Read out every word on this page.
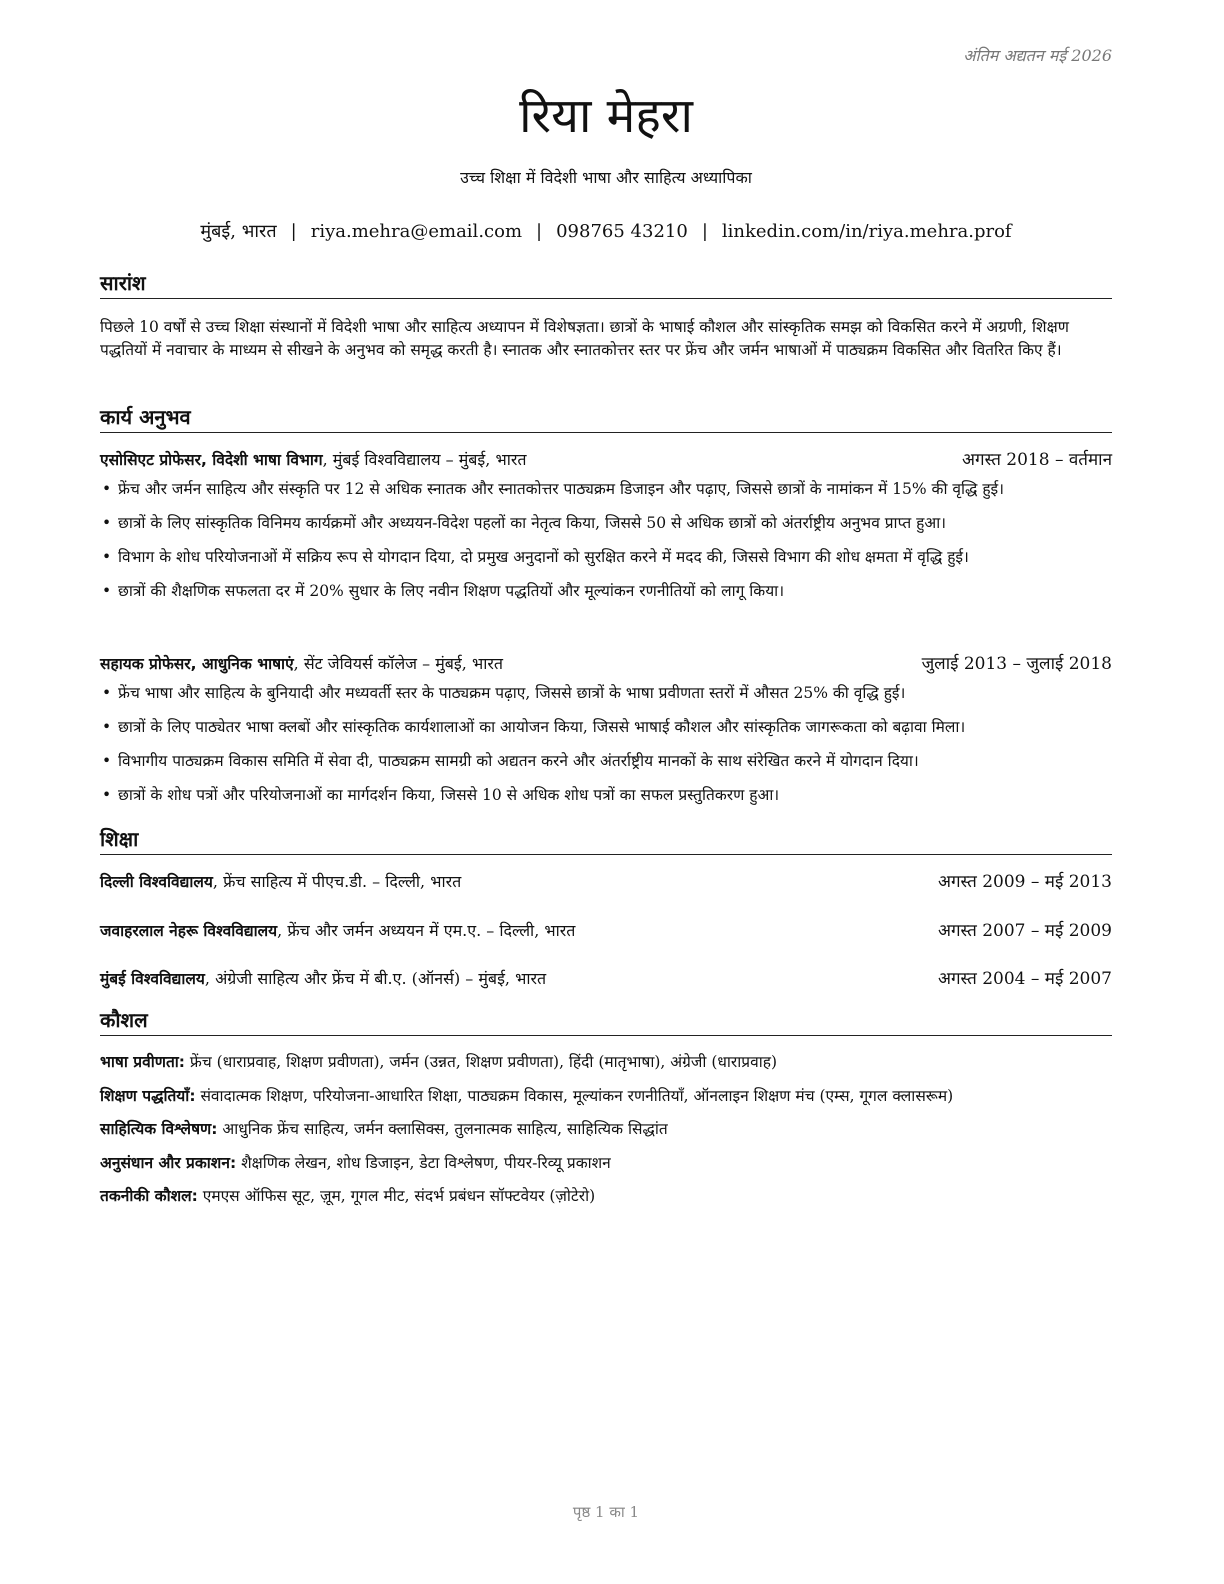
अंतिम अद्यतन मई 2026
रिया मेहरा
उच्च शिक्षा में विदेशी भाषा और साहित्य अध्यापिका
मुंबई, भारत | riya.mehra@email.com | 098765 43210 | linkedin.com/in/riya.mehra.prof
सारांश

पिछले 10 वर्षों से उच्च शिक्षा संस्थानों में विदेशी भाषा और साहित्य अध्यापन में विशेषज्ञता। छात्रों के भाषाई कौशल और सांस्कृतिक समझ को विकसित करने में अग्रणी, शिक्षण पद्धतियों में नवाचार के माध्यम से सीखने के अनुभव को समृद्ध करती है। स्नातक और स्नातकोत्तर स्तर पर फ्रेंच और जर्मन भाषाओं में पाठ्यक्रम विकसित और वितरित किए हैं।

कार्य अनुभव
एसोसिएट प्रोफेसर, विदेशी भाषा विभाग, मुंबई विश्वविद्यालय – मुंबई, भारत	अगस्त 2018 – वर्तमान
• फ्रेंच और जर्मन साहित्य और संस्कृति पर 12 से अधिक स्नातक और स्नातकोत्तर पाठ्यक्रम डिजाइन और पढ़ाए, जिससे छात्रों के नामांकन में 15% की वृद्धि हुई।
• छात्रों के लिए सांस्कृतिक विनिमय कार्यक्रमों और अध्ययन-विदेश पहलों का नेतृत्व किया, जिससे 50 से अधिक छात्रों को अंतर्राष्ट्रीय अनुभव प्राप्त हुआ।
• विभाग के शोध परियोजनाओं में सक्रिय रूप से योगदान दिया, दो प्रमुख अनुदानों को सुरक्षित करने में मदद की, जिससे विभाग की शोध क्षमता में वृद्धि हुई।
• छात्रों की शैक्षणिक सफलता दर में 20% सुधार के लिए नवीन शिक्षण पद्धतियों और मूल्यांकन रणनीतियों को लागू किया।
सहायक प्रोफेसर, आधुनिक भाषाएं, सेंट जेवियर्स कॉलेज – मुंबई, भारत	जुलाई 2013 – जुलाई 2018
• फ्रेंच भाषा और साहित्य के बुनियादी और मध्यवर्ती स्तर के पाठ्यक्रम पढ़ाए, जिससे छात्रों के भाषा प्रवीणता स्तरों में औसत 25% की वृद्धि हुई।
• छात्रों के लिए पाठ्येतर भाषा क्लबों और सांस्कृतिक कार्यशालाओं का आयोजन किया, जिससे भाषाई कौशल और सांस्कृतिक जागरूकता को बढ़ावा मिला।
• विभागीय पाठ्यक्रम विकास समिति में सेवा दी, पाठ्यक्रम सामग्री को अद्यतन करने और अंतर्राष्ट्रीय मानकों के साथ संरेखित करने में योगदान दिया।
• छात्रों के शोध पत्रों और परियोजनाओं का मार्गदर्शन किया, जिससे 10 से अधिक शोध पत्रों का सफल प्रस्तुतिकरण हुआ।
शिक्षा
दिल्ली विश्वविद्यालय, फ्रेंच साहित्य में पीएच.डी. – दिल्ली, भारत	अगस्त 2009 – मई 2013
जवाहरलाल नेहरू विश्वविद्यालय, फ्रेंच और जर्मन अध्ययन में एम.ए. – दिल्ली, भारत	अगस्त 2007 – मई 2009
मुंबई विश्वविद्यालय, अंग्रेजी साहित्य और फ्रेंच में बी.ए. (ऑनर्स) – मुंबई, भारत	अगस्त 2004 – मई 2007
कौशल
भाषा प्रवीणता: फ्रेंच (धाराप्रवाह, शिक्षण प्रवीणता), जर्मन (उन्नत, शिक्षण प्रवीणता), हिंदी (मातृभाषा), अंग्रेजी (धाराप्रवाह)
शिक्षण पद्धतियाँ: संवादात्मक शिक्षण, परियोजना-आधारित शिक्षा, पाठ्यक्रम विकास, मूल्यांकन रणनीतियाँ, ऑनलाइन शिक्षण मंच (एम्स, गूगल क्लासरूम)
साहित्यिक विश्लेषण: आधुनिक फ्रेंच साहित्य, जर्मन क्लासिक्स, तुलनात्मक साहित्य, साहित्यिक सिद्धांत
अनुसंधान और प्रकाशन: शैक्षणिक लेखन, शोध डिजाइन, डेटा विश्लेषण, पीयर-रिव्यू प्रकाशन
तकनीकी कौशल: एमएस ऑफिस सूट, ज़ूम, गूगल मीट, संदर्भ प्रबंधन सॉफ्टवेयर (ज़ोटेरो)
पृष्ठ 1 का 1
